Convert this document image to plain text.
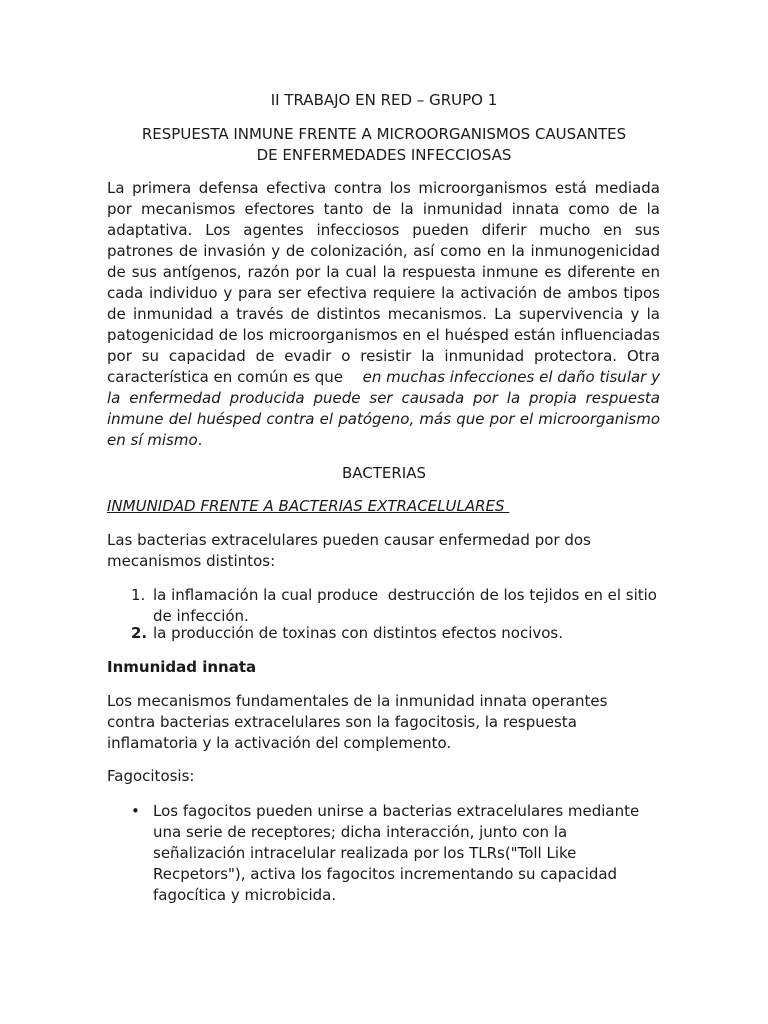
II TRABAJO EN RED – GRUPO 1
RESPUESTA INMUNE FRENTE A MICROORGANISMOS CAUSANTES
DE ENFERMEDADES INFECCIOSAS
La primera defensa efectiva contra los microorganismos está mediada
por mecanismos efectores tanto de la inmunidad innata como de la
adaptativa. Los agentes infecciosos pueden diferir mucho en sus
patrones de invasión y de colonización, así como en la inmunogenicidad
de sus antígenos, razón por la cual la respuesta inmune es diferente en
cada individuo y para ser efectiva requiere la activación de ambos tipos
de inmunidad a través de distintos mecanismos. La supervivencia y la
patogenicidad de los microorganismos en el huésped están influenciadas
por su capacidad de evadir o resistir la inmunidad protectora. Otra
característica en común es que en muchas infecciones el daño tisular y
la enfermedad producida puede ser causada por la propia respuesta
inmune del huésped contra el patógeno, más que por el microorganismo
en sí mismo.
BACTERIAS
INMUNIDAD FRENTE A BACTERIAS EXTRACELULARES
Las bacterias extracelulares pueden causar enfermedad por dos
mecanismos distintos:
1. la inflamación la cual produce  destrucción de los tejidos en el sitio
de infección.
2. la producción de toxinas con distintos efectos nocivos.
Inmunidad innata
Los mecanismos fundamentales de la inmunidad innata operantes
contra bacterias extracelulares son la fagocitosis, la respuesta
inflamatoria y la activación del complemento.
Fagocitosis:
• Los fagocitos pueden unirse a bacterias extracelulares mediante
una serie de receptores; dicha interacción, junto con la
señalización intracelular realizada por los TLRs("Toll Like
Recpetors"), activa los fagocitos incrementando su capacidad
fagocítica y microbicida.
